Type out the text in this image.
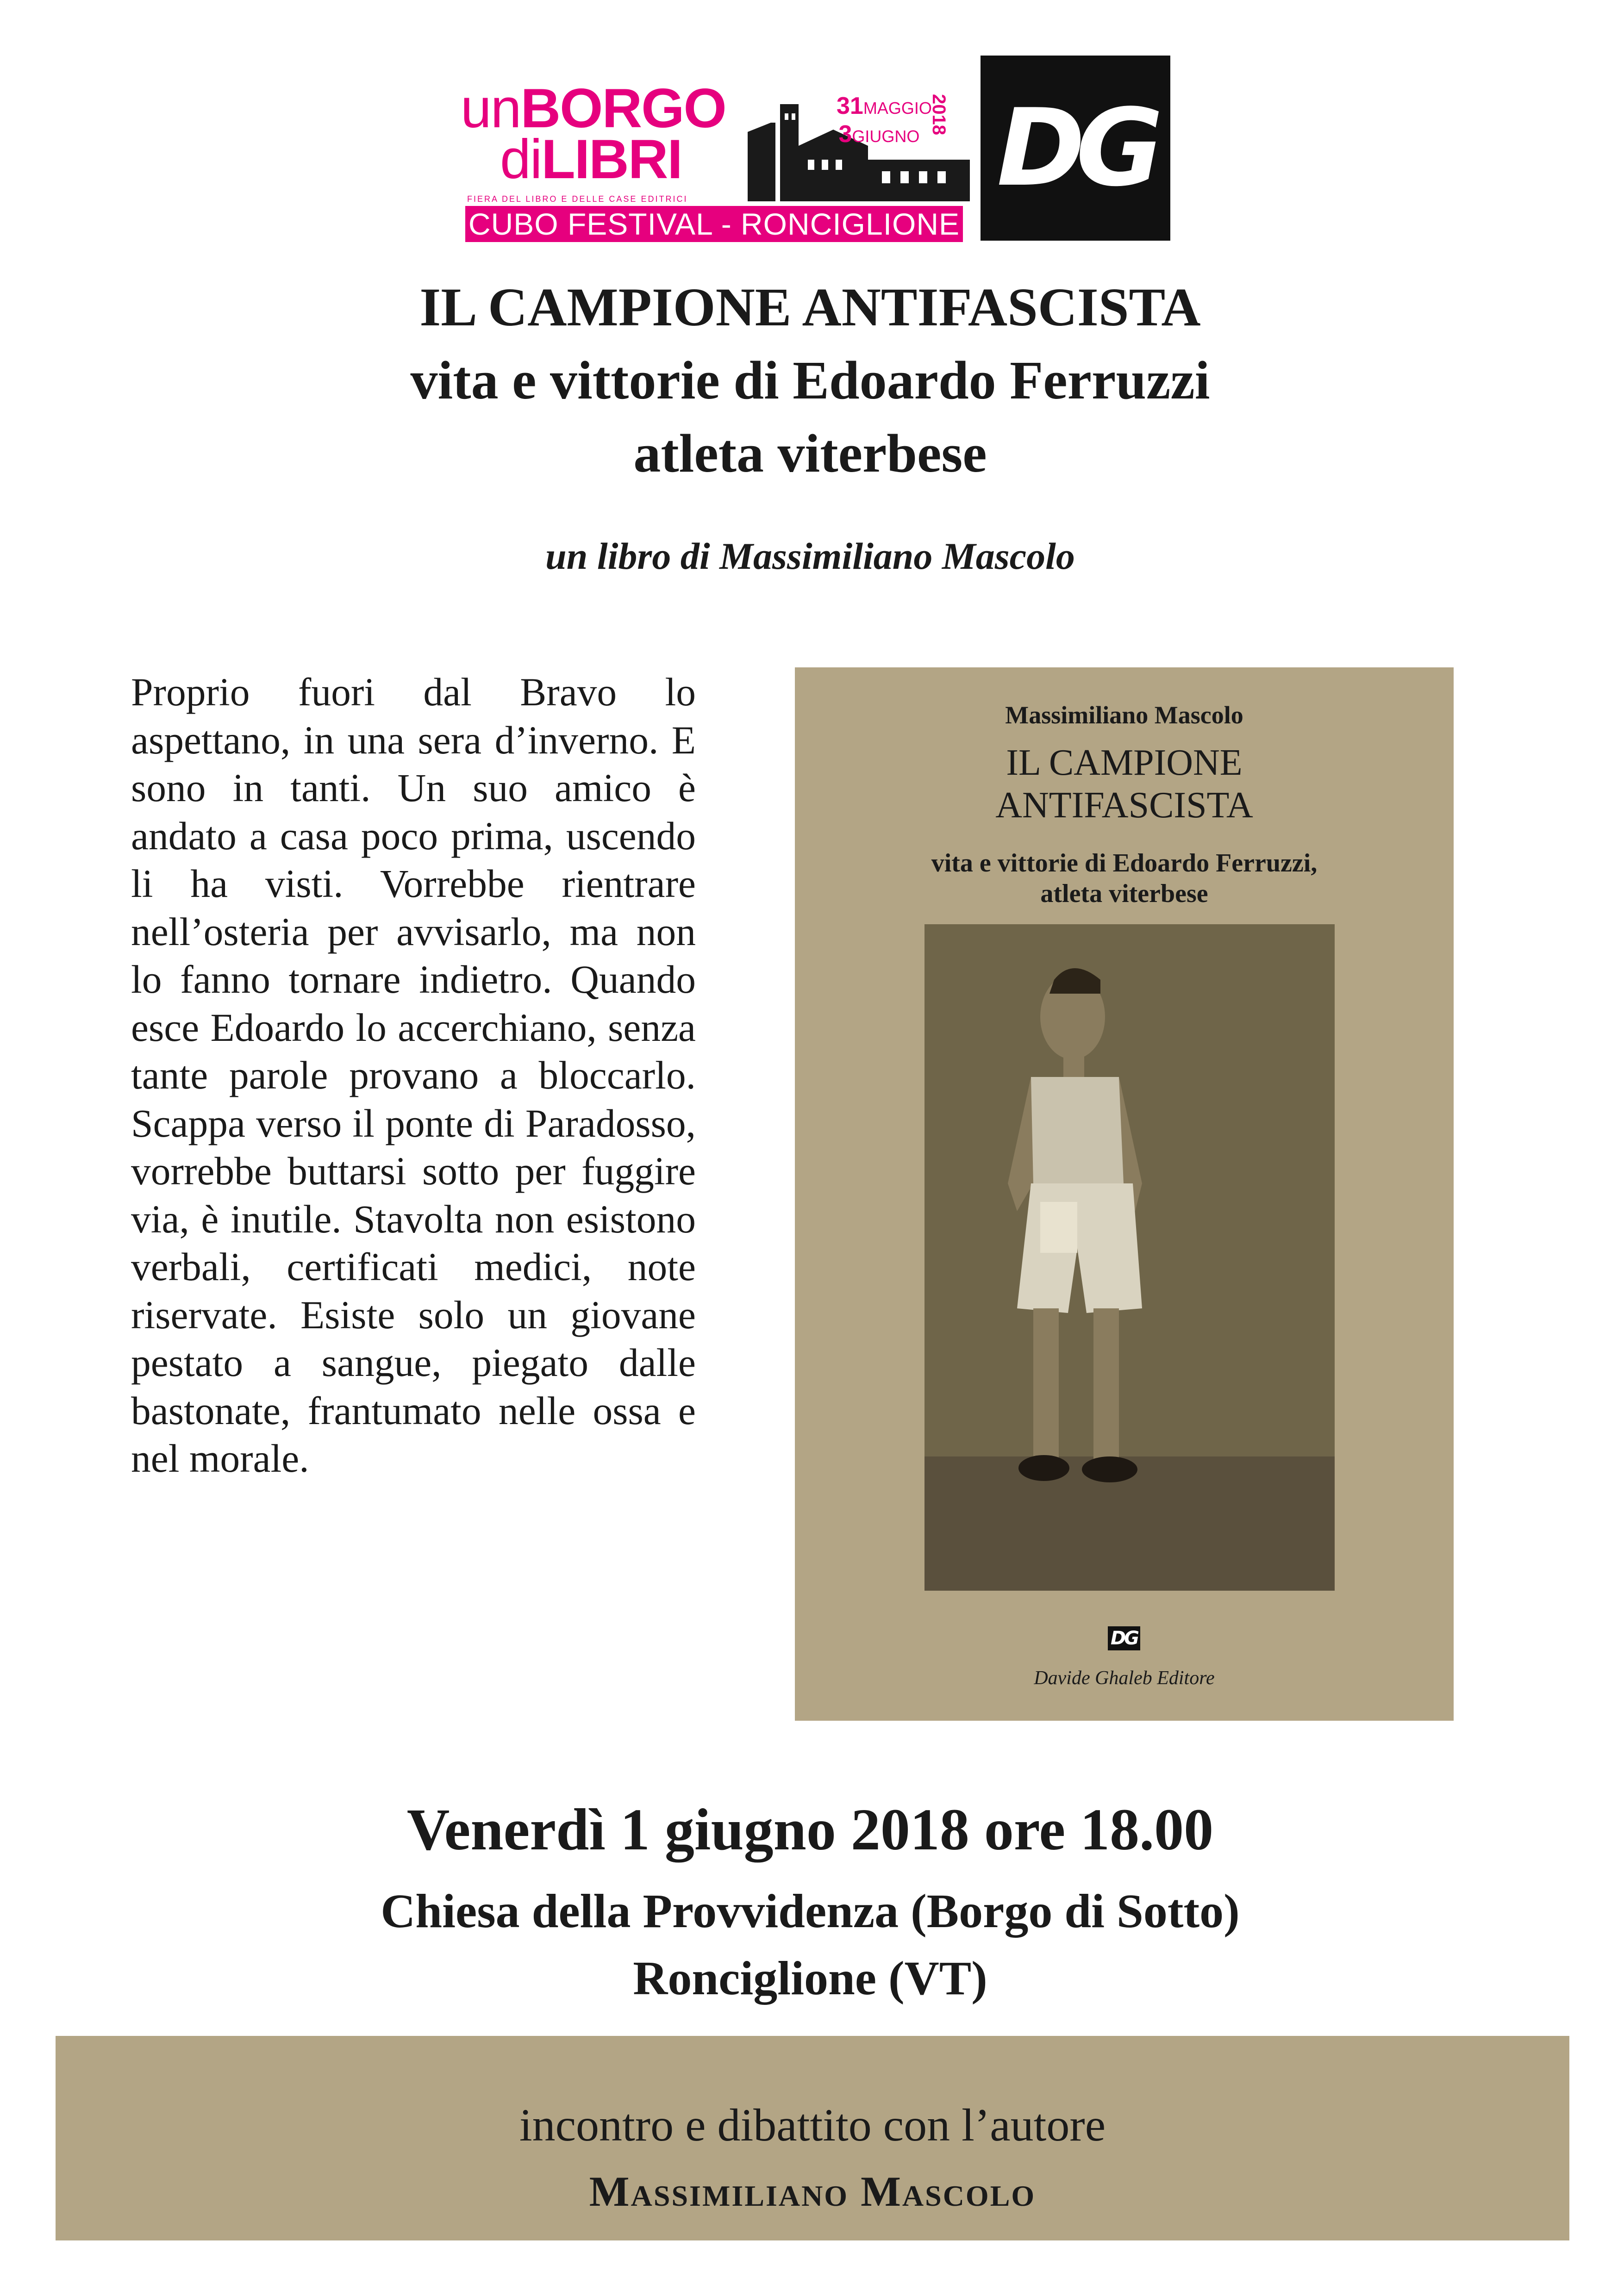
unBORGO
diLIBRI
31MAGGIO
3GIUGNO
2018
FIERA DEL LIBRO E DELLE CASE EDITRICI
CUBO FESTIVAL - RONCIGLIONE
DG
IL CAMPIONE ANTIFASCISTA
vita e vittorie di Edoardo Ferruzzi
atleta viterbese
un libro di Massimiliano Mascolo
Proprio fuori dal Bravo lo aspettano, in una sera d’inverno. E sono in tanti. Un suo amico è andato a casa poco prima, uscendo li ha visti. Vorrebbe rientrare nell’osteria per avvisarlo, ma non lo fanno tornare indietro. Quando esce Edoardo lo accerchiano, senza tante parole provano a bloccarlo. Scappa verso il ponte di Paradosso, vorrebbe buttarsi sotto per fuggire via, è inutile. Stavolta non esistono verbali, certificati medici, note riservate. Esiste solo un giovane pestato a sangue, piegato dalle bastonate, frantumato nelle ossa e nel morale.
Massimiliano Mascolo
IL CAMPIONE
ANTIFASCISTA
vita e vittorie di Edoardo Ferruzzi,
atleta viterbese
DG
Davide Ghaleb Editore
Venerdì 1 giugno 2018 ore 18.00
Chiesa della Provvidenza (Borgo di Sotto)
Ronciglione (VT)
incontro e dibattito con l’autore
Massimiliano Mascolo
